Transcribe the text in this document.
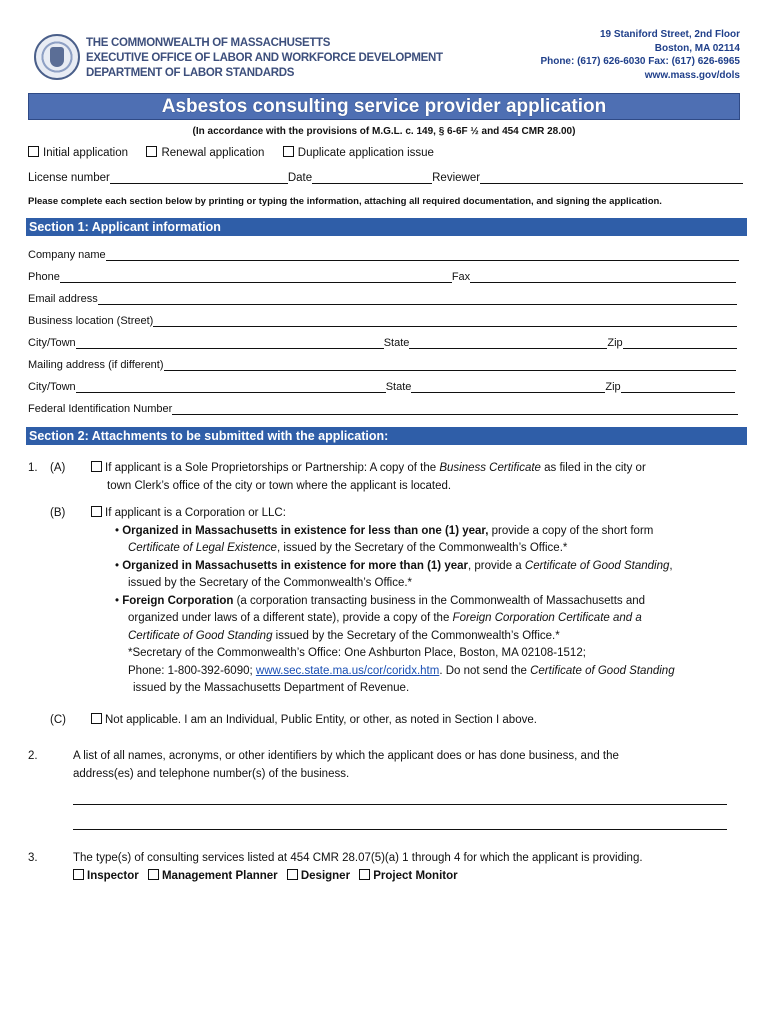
THE COMMONWEALTH OF MASSACHUSETTS
EXECUTIVE OFFICE OF LABOR AND WORKFORCE DEVELOPMENT
DEPARTMENT OF LABOR STANDARDS
19 Staniford Street, 2nd Floor
Boston, MA 02114
Phone: (617) 626-6030 Fax: (617) 626-6965
www.mass.gov/dols
Asbestos consulting service provider application
(In accordance with the provisions of M.G.L. c. 149, § 6-6F ½ and 454 CMR 28.00)
Initial application	Renewal application	Duplicate application issue
License number	Date	Reviewer
Please complete each section below by printing or typing the information, attaching all required documentation, and signing the application.
Section 1: Applicant information
Company name
Phone	Fax
Email address
Business location (Street)
City/Town	State	Zip
Mailing address (if different)
City/Town	State	Zip
Federal Identification Number
Section 2: Attachments to be submitted with the application:
1. (A)	If applicant is a Sole Proprietorships or Partnership: A copy of the Business Certificate as filed in the city or
town Clerk’s office of the city or town where the applicant is located.
(B)	If applicant is a Corporation or LLC:
• Organized in Massachusetts in existence for less than one (1) year, provide a copy of the short form
Certificate of Legal Existence, issued by the Secretary of the Commonwealth’s Office.*
• Organized in Massachusetts in existence for more than (1) year, provide a Certificate of Good Standing,
issued by the Secretary of the Commonwealth’s Office.*
• Foreign Corporation (a corporation transacting business in the Commonwealth of Massachusetts and
organized under laws of a different state), provide a copy of the Foreign Corporation Certificate and a
Certificate of Good Standing issued by the Secretary of the Commonwealth’s Office.*
*Secretary of the Commonwealth’s Office: One Ashburton Place, Boston, MA 02108-1512;
Phone: 1-800-392-6090; www.sec.state.ma.us/cor/coridx.htm. Do not send the Certificate of Good Standing
issued by the Massachusetts Department of Revenue.
(C)	Not applicable. I am an Individual, Public Entity, or other, as noted in Section I above.
2.	A list of all names, acronyms, or other identifiers by which the applicant does or has done business, and the
address(es) and telephone number(s) of the business.
3.	The type(s) of consulting services listed at 454 CMR 28.07(5)(a) 1 through 4 for which the applicant is providing.
Inspector Management Planner Designer Project Monitor
